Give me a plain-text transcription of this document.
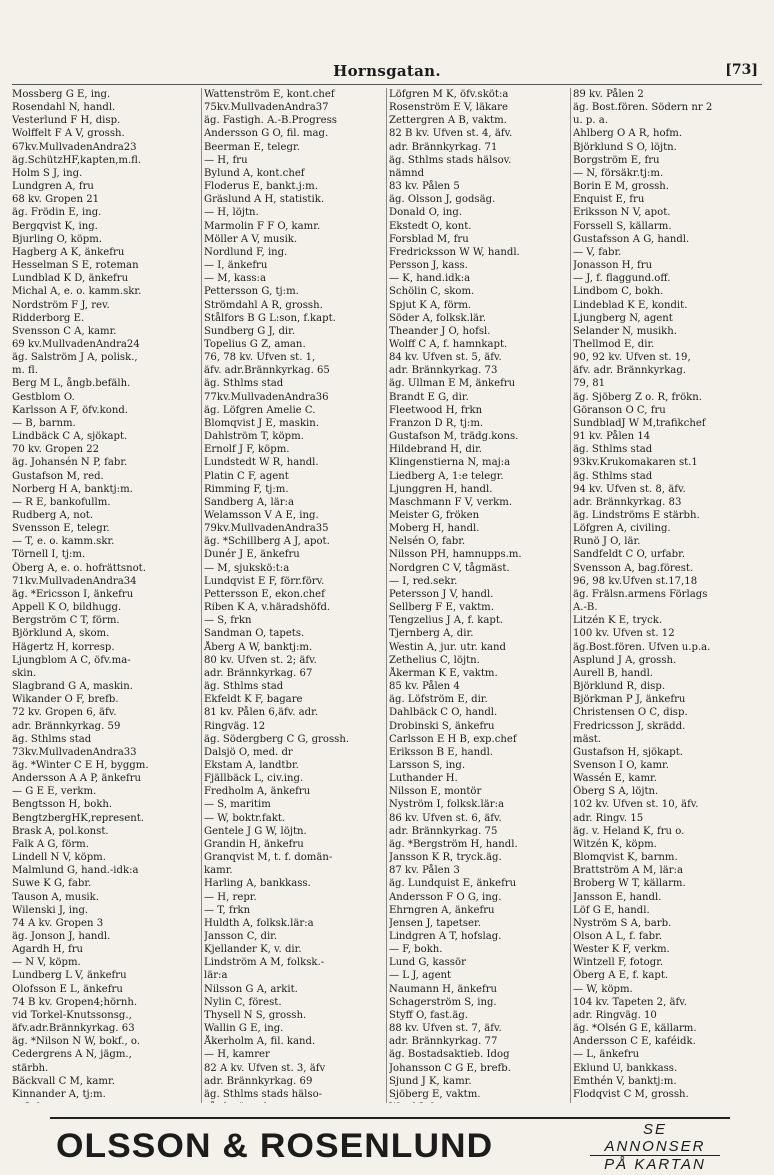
Hornsgatan.	[73]
Mossberg G E, ing.
Rosendahl N, handl.
Vesterlund F H, disp.
Wolffelt F A V, grossh.
67kv.MullvadenAndra23
äg.SchützHF,kapten,m.fl.
Holm S J, ing.
Lundgren A, fru
68 kv. Gropen 21
äg. Frödin E, ing.
Bergqvist K, ing.
Bjurling O, köpm.
Hagberg A K, änkefru
Hesselman S E, roteman
Lundblad K D, änkefru
Michal A, e. o. kamm.skr.
Nordström F J, rev.
Ridderborg E.
Svensson C A, kamr.
69 kv.MullvadenAndra24
äg. Salström J A, polisk.,
m. fl.
Berg M L, ångb.befälh.
Gestblom O.
Karlsson A F, öfv.kond.
— B, barnm.
Lindbäck C A, sjökapt.
70 kv. Gropen 22
äg. Johansén N P, fabr.
Gustafson M, red.
Norberg H A, banktj:m.
— R E, bankofullm.
Rudberg A, not.
Svensson E, telegr.
— T, e. o. kamm.skr.
Törnell I, tj:m.
Öberg A, e. o. hofrättsnot.
71kv.MullvadenAndra34
äg. *Ericsson I, änkefru
Appell K O, bildhugg.
Bergström C T, förm.
Björklund A, skom.
Hägertz H, korresp.
Ljungblom A C, öfv.ma-
skin.
Slagbrand G A, maskin.
Wikander O F, brefb.
72 kv. Gropen 6, äfv.
adr. Brännkyrkag. 59
äg. Sthlms stad
73kv.MullvadenAndra33
äg. *Winter C E H, byggm.
Andersson A A P, änkefru
— G E E, verkm.
Bengtsson H, bokh.
BengtzbergHK,represent.
Brask A, pol.konst.
Falk A G, förm.
Lindell N V, köpm.
Malmlund G, hand.-idk:a
Suwe K G, fabr.
Tauson A, musik.
Wilenski J, ing.
74 A kv. Gropen 3
äg. Jonson J, handl.
Agardh H, fru
— N V, köpm.
Lundberg L V, änkefru
Olofsson E L, änkefru
74 B kv. Gropen4;hörnh.
vid Torkel-Knutssonsg.,
äfv.adr.Brännkyrkag. 63
äg. *Nilson N W, bokf., o.
Cedergrens A N, jägm.,
stärbh.
Bäckvall C M, kamr.
Kinnander A, tj:m.
Wattenström E, kont.chef
75kv.MullvadenAndra37
äg. Fastigh. A.-B.Progress
Andersson G O, fil. mag.
Beerman E, telegr.
— H, fru
Bylund A, kont.chef
Floderus E, bankt.j:m.
Gräslund A H, statistik.
— H, löjtn.
Marmolin F F O, kamr.
Möller A V, musik.
Nordlund F, ing.
— I, änkefru
— M, kass:a
Pettersson G, tj:m.
Strömdahl A R, grossh.
Stålfors B G L:son, f.kapt.
Sundberg G J, dir.
Topelius G Z, aman.
76, 78 kv. Ufven st. 1,
äfv. adr.Brännkyrkag. 65
äg. Sthlms stad
77kv.MullvadenAndra36
äg. Löfgren Amelie C.
Blomqvist J E, maskin.
Dahlström T, köpm.
Ernolf J F, köpm.
Lundstedt W R, handl.
Platin C F, agent
Rimming F, tj:m.
Sandberg A, lär:a
Welamsson V A E, ing.
79kv.MullvadenAndra35
äg. *Schillberg A J, apot.
Dunér J E, änkefru
— M, sjukskö:t:a
Lundqvist E F, förr.förv.
Pettersson E, ekon.chef
Riben K A, v.häradshöfd.
— S, frkn
Sandman O, tapets.
Åberg A W, banktj:m.
80 kv. Ufven st. 2; äfv.
adr. Brännkyrkag. 67
äg. Sthlms stad
Ekfeldt K F, bagare
81 kv. Pålen 6,äfv. adr.
Ringväg. 12
äg. Södergberg C G, grossh.
Dalsjö O, med. dr
Ekstam A, landtbr.
Fjällbäck L, civ.ing.
Fredholm A, änkefru
— S, maritim
— W, boktr.fakt.
Gentele J G W, löjtn.
Grandin H, änkefru
Granqvist M, t. f. domän-
kamr.
Harling A, bankkass.
— H, repr.
— T, frkn
Huldth A, folksk.lär:a
Jansson C, dir.
Kjellander K, v. dir.
Lindström A M, folksk.-
lär:a
Nilsson G A, arkit.
Nylin C, förest.
Thysell N S, grossh.
Wallin G E, ing.
Åkerholm A, fil. kand.
— H, kamrer
82 A kv. Ufven st. 3, äfv
adr. Brännkyrkag. 69
äg. Sthlms stads hälso-
Löfgren M K, öfv.sköt:a
Rosenström E V, läkare
Zettergren A B, vaktm.
82 B kv. Ufven st. 4, äfv.
adr. Brännkyrkag. 71
äg. Sthlms stads hälsov.
nämnd
83 kv. Pålen 5
äg. Olsson J, godsäg.
Donald O, ing.
Ekstedt O, kont.
Forsblad M, fru
Fredricksson W W, handl.
Persson J, kass.
— K, hand.idk:a
Schölin C, skom.
Spjut K A, förm.
Söder A, folksk.lär.
Theander J O, hofsl.
Wolff C A, f. hamnkapt.
84 kv. Ufven st. 5, äfv.
adr. Brännkyrkag. 73
äg. Ullman E M, änkefru
Brandt E G, dir.
Fleetwood H, frkn
Franzon D R, tj:m.
Gustafson M, trädg.kons.
Hildebrand H, dir.
Klingenstierna N, maj:a
Liedberg A, 1:e telegr.
Ljunggren H, handl.
Maschmann F V, verkm.
Meister G, fröken
Moberg H, handl.
Nelsén O, fabr.
Nilsson PH, hamnupps.m.
Nordgren C V, tågmäst.
— I, red.sekr.
Petersson J V, handl.
Sellberg F E, vaktm.
Tengzelius J A, f. kapt.
Tjernberg A, dir.
Westin A, jur. utr. kand
Zethelius C, löjtn.
Åkerman K E, vaktm.
85 kv. Pålen 4
äg. Löfström E, dir.
Dahlbäck C O, handl.
Drobinski S, änkefru
Carlsson E H B, exp.chef
Eriksson B E, handl.
Larsson S, ing.
Luthander H.
Nilsson E, montör
Nyström I, folksk.lär:a
86 kv. Ufven st. 6, äfv.
adr. Brännkyrkag. 75
äg. *Bergström H, handl.
Jansson K R, tryck.äg.
87 kv. Pålen 3
äg. Lundquist E, änkefru
Andersson F O G, ing.
Ehrngren A, änkefru
Jensen J, tapetser.
Lindgren A T, hofslag.
— F, bokh.
Lund G, kassör
— L J, agent
Naumann H, änkefru
Schagerström S, ing.
Styff O, fast.äg.
88 kv. Ufven st. 7, äfv.
adr. Brännkyrkag. 77
äg. Bostadsaktieb. Idog
Johansson C G E, brefb.
Sjund J K, kamr.
Sjöberg E, vaktm.
89 kv. Pålen 2
äg. Bost.fören. Södern nr 2
u. p. a.
Ahlberg O A R, hofm.
Björklund S O, löjtn.
Borgström E, fru
— N, försäkr.tj:m.
Borin E M, grossh.
Enquist E, fru
Eriksson N V, apot.
Forssell S, källarm.
Gustafsson A G, handl.
— V, fabr.
Jonasson H, fru
— J, f. flaggund.off.
Lindbom C, bokh.
Lindeblad K E, kondit.
Ljungberg N, agent
Selander N, musikh.
Thellmod E, dir.
90, 92 kv. Ufven st. 19,
äfv. adr. Brännkyrkag.
79, 81
äg. Sjöberg Z o. R, frökn.
Göranson O C, fru
SundbladJ W M,trafikchef
91 kv. Pålen 14
äg. Sthlms stad
93kv.Krukomakaren st.1
äg. Sthlms stad
94 kv. Ufven st. 8, äfv.
adr. Brännkyrkag. 83
äg. Lindströms E stärbh.
Löfgren A, civiling.
Runö J O, lär.
Sandfeldt C O, urfabr.
Svensson A, bag.förest.
96, 98 kv.Ufven st.17,18
äg. Frälsn.armens Förlags
A.-B.
Litzén K E, tryck.
100 kv. Ufven st. 12
äg.Bost.fören. Ufven u.p.a.
Asplund J A, grossh.
Aurell B, handl.
Björklund R, disp.
Björkman P J, änkefru
Christensen O C, disp.
Fredricsson J, skrädd.
mäst.
Gustafson H, sjökapt.
Svenson I O, kamr.
Wassén E, kamr.
Öberg S A, löjtn.
102 kv. Ufven st. 10, äfv.
adr. Ringv. 15
äg. v. Heland K, fru o.
Witzén K, köpm.
Blomqvist K, barnm.
Brattström A M, lär:a
Broberg W T, källarm.
Jansson E, handl.
Löf G E, handl.
Nyström S A, barb.
Olson A L, f. fabr.
Wester K F, verkm.
Wintzell F, fotogr.
Öberg A E, f. kapt.
— W, köpm.
104 kv. Tapeten 2, äfv.
adr. Ringväg. 10
äg. *Olsén G E, källarm.
Andersson C E, kaféidk.
— L, änkefru
Eklund U, bankkass.
Emthén V, banktj:m.
Flodqvist C M, grossh.
OLSSON & ROSENLUND	SE ANNONSER
PÅ KARTAN
